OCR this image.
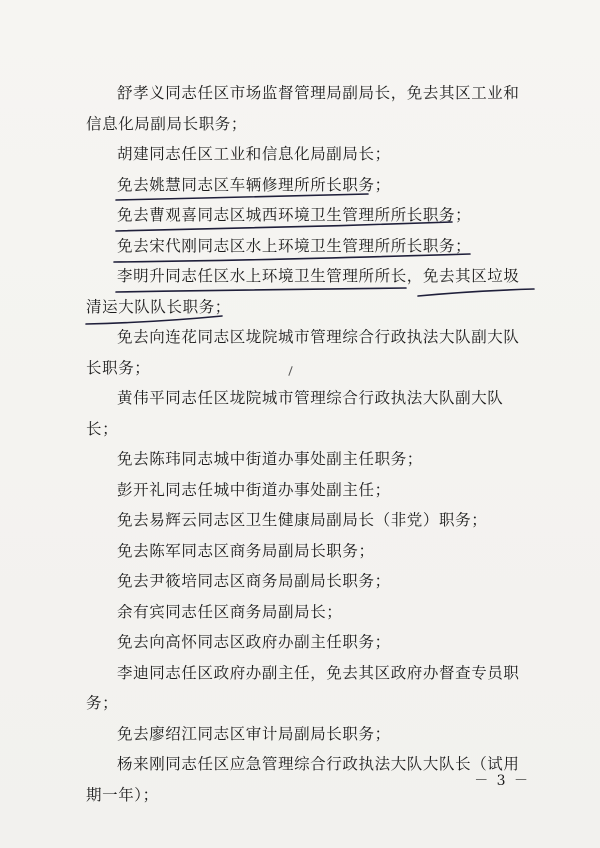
舒孝义同志任区市场监督管理局副局长，免去其区工业和信息化局副局长职务；

胡建同志任区工业和信息化局副局长；

免去姚慧同志区车辆修理所所长职务；

免去曹观喜同志区城西环境卫生管理所所长职务；

免去宋代刚同志区水上环境卫生管理所所长职务；

李明升同志任区水上环境卫生管理所所长，免去其区垃圾清运大队队长职务；

免去向连花同志区垅院城市管理综合行政执法大队副大队长职务；

黄伟平同志任区垅院城市管理综合行政执法大队副大队长；

免去陈玮同志城中街道办事处副主任职务；

彭开礼同志任城中街道办事处副主任；

免去易辉云同志区卫生健康局副局长（非党）职务；

免去陈军同志区商务局副局长职务；

免去尹筱培同志区商务局副局长职务；

余有宾同志任区商务局副局长；

免去向高怀同志区政府办副主任职务；

李迪同志任区政府办副主任，免去其区政府办督查专员职务；

免去廖绍江同志区审计局副局长职务；

杨来刚同志任区应急管理综合行政执法大队大队长（试用期一年）；

－ 3 －
